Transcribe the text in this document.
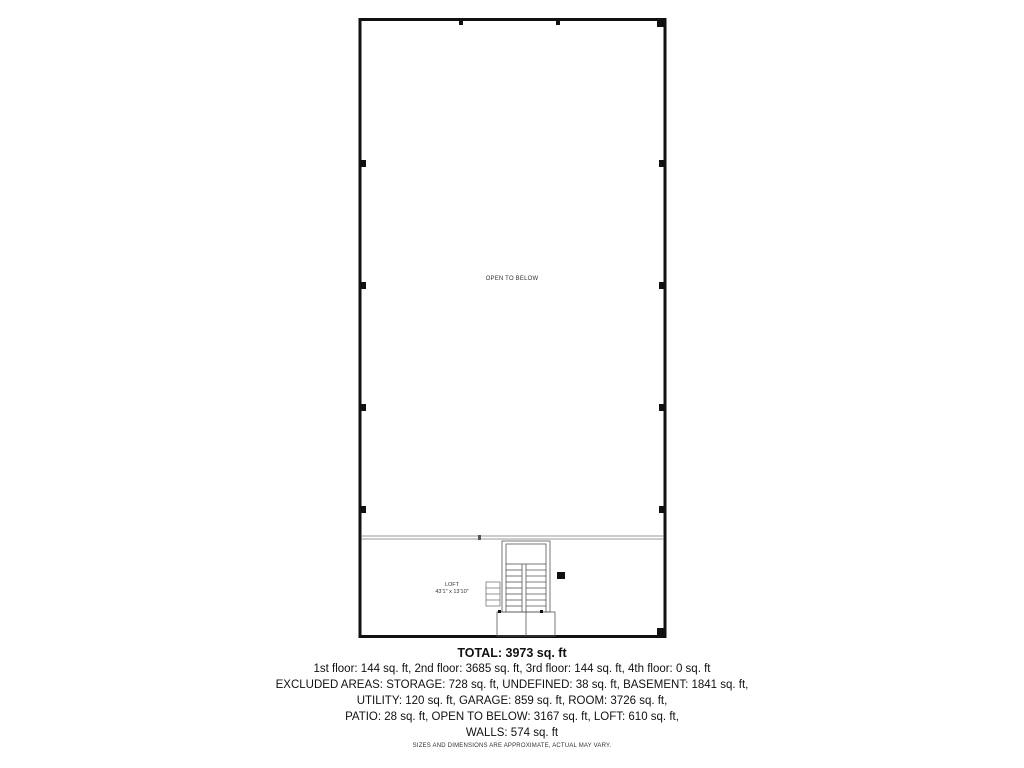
OPEN TO BELOW
LOFT
43'1" x 13'10"
TOTAL: 3973 sq. ft
1st floor: 144 sq. ft, 2nd floor: 3685 sq. ft, 3rd floor: 144 sq. ft, 4th floor: 0 sq. ft
EXCLUDED AREAS: STORAGE: 728 sq. ft, UNDEFINED: 38 sq. ft, BASEMENT: 1841 sq. ft,
UTILITY: 120 sq. ft, GARAGE: 859 sq. ft, ROOM: 3726 sq. ft,
PATIO: 28 sq. ft, OPEN TO BELOW: 3167 sq. ft, LOFT: 610 sq. ft,
WALLS: 574 sq. ft
SIZES AND DIMENSIONS ARE APPROXIMATE, ACTUAL MAY VARY.
